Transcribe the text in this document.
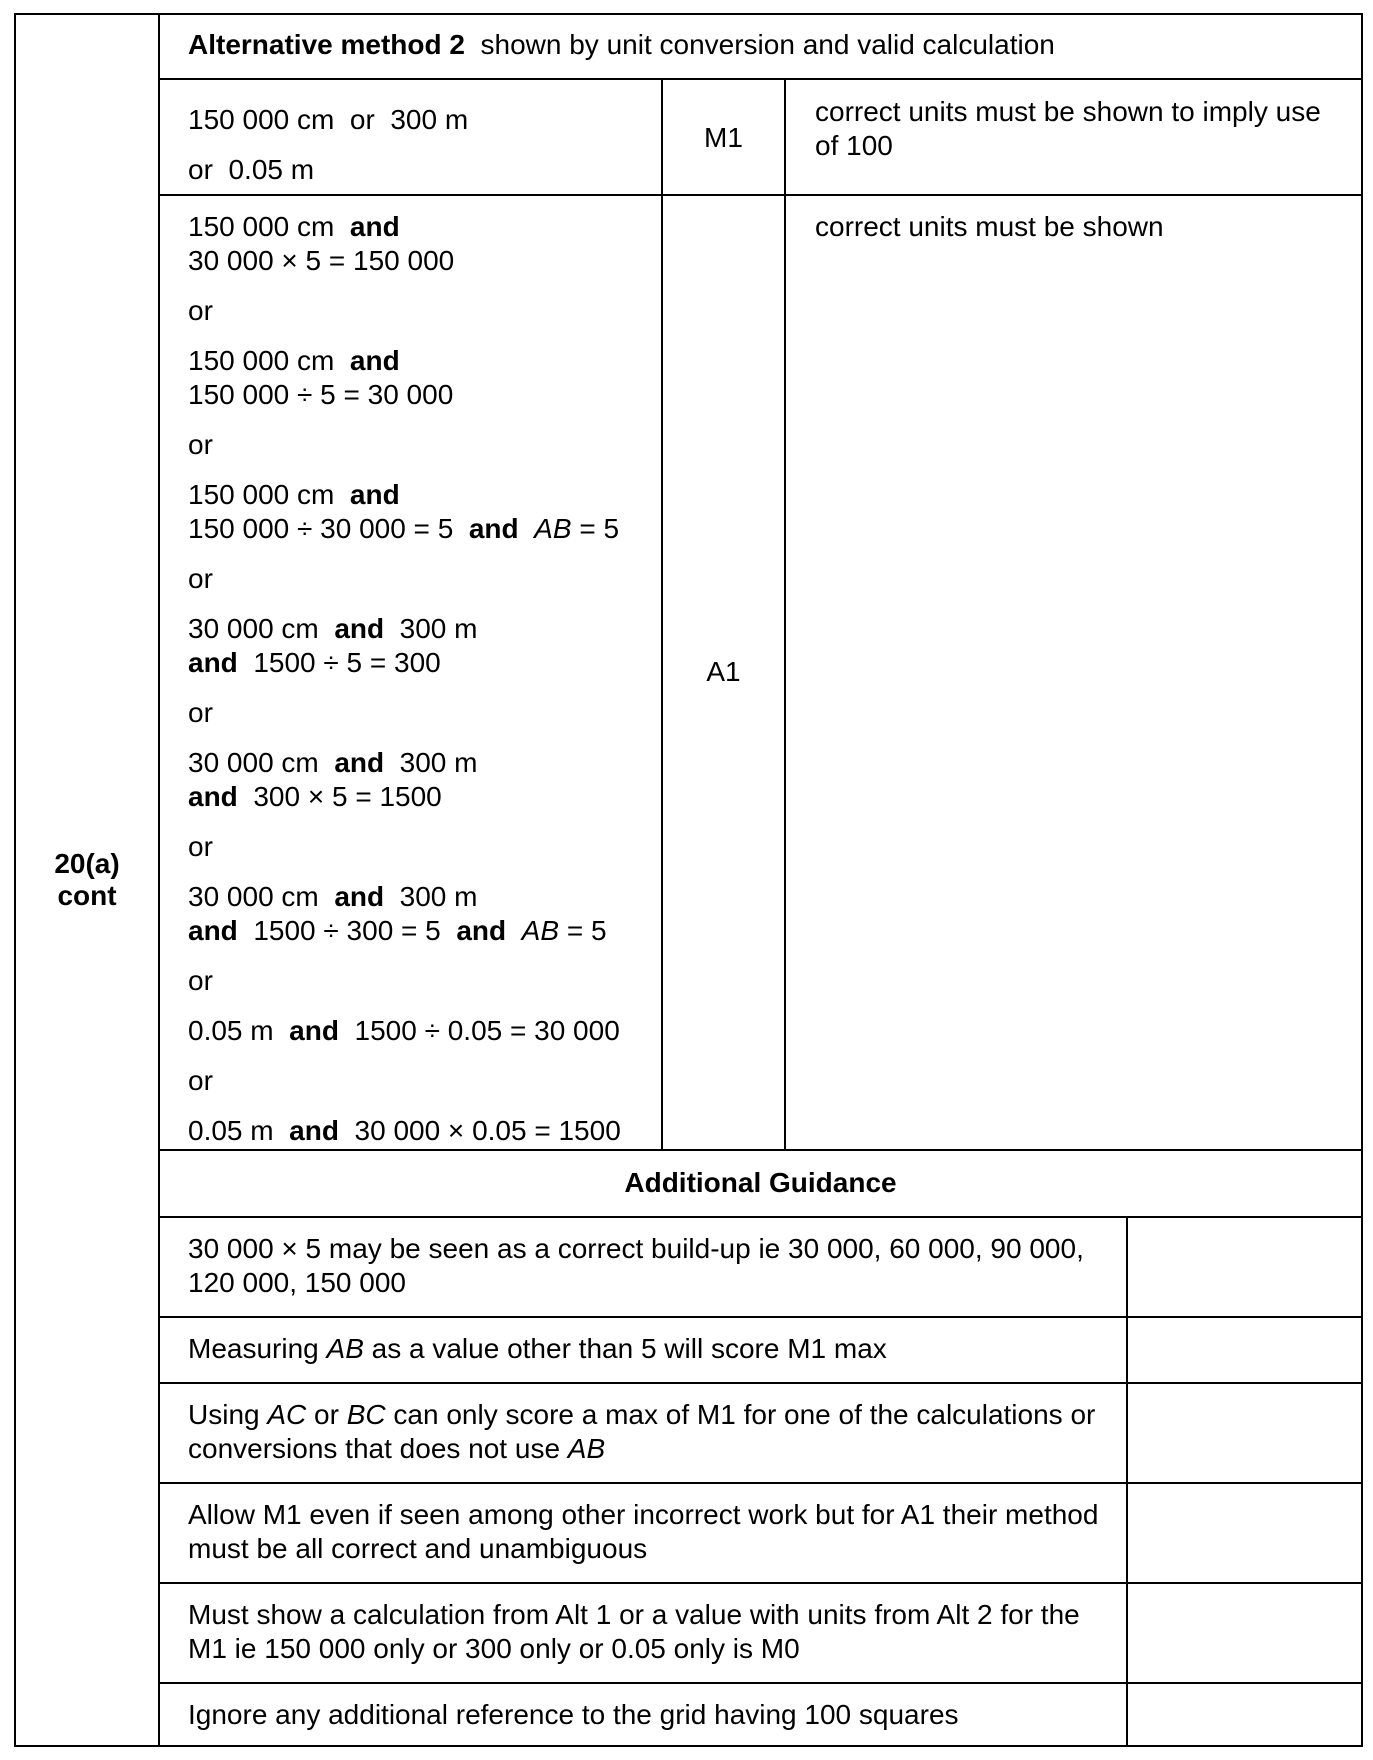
20(a)
cont
Alternative method 2 shown by unit conversion and valid calculation

150 000 cm or 300 m

or 0.05 m

M1
correct units must be shown to imply use of 100

150 000 cm and

30 000 × 5 = 150 000

or

150 000 cm and

150 000 ÷ 5 = 30 000

or

150 000 cm and

150 000 ÷ 30 000 = 5 and AB = 5

or

30 000 cm and 300 m

and 1500 ÷ 5 = 300

or

30 000 cm and 300 m

and 300 × 5 = 1500

or

30 000 cm and 300 m

and 1500 ÷ 300 = 5 and AB = 5

or

0.05 m and 1500 ÷ 0.05 = 30 000

or

0.05 m and 30 000 × 0.05 = 1500

A1
correct units must be shown
Additional Guidance
30 000 × 5 may be seen as a correct build-up ie 30 000, 60 000, 90 000, 120 000, 150 000
Measuring AB as a value other than 5 will score M1 max
Using AC or BC can only score a max of M1 for one of the calculations or conversions that does not use AB
Allow M1 even if seen among other incorrect work but for A1 their method must be all correct and unambiguous
Must show a calculation from Alt 1 or a value with units from Alt 2 for the M1 ie 150 000 only or 300 only or 0.05 only is M0
Ignore any additional reference to the grid having 100 squares
